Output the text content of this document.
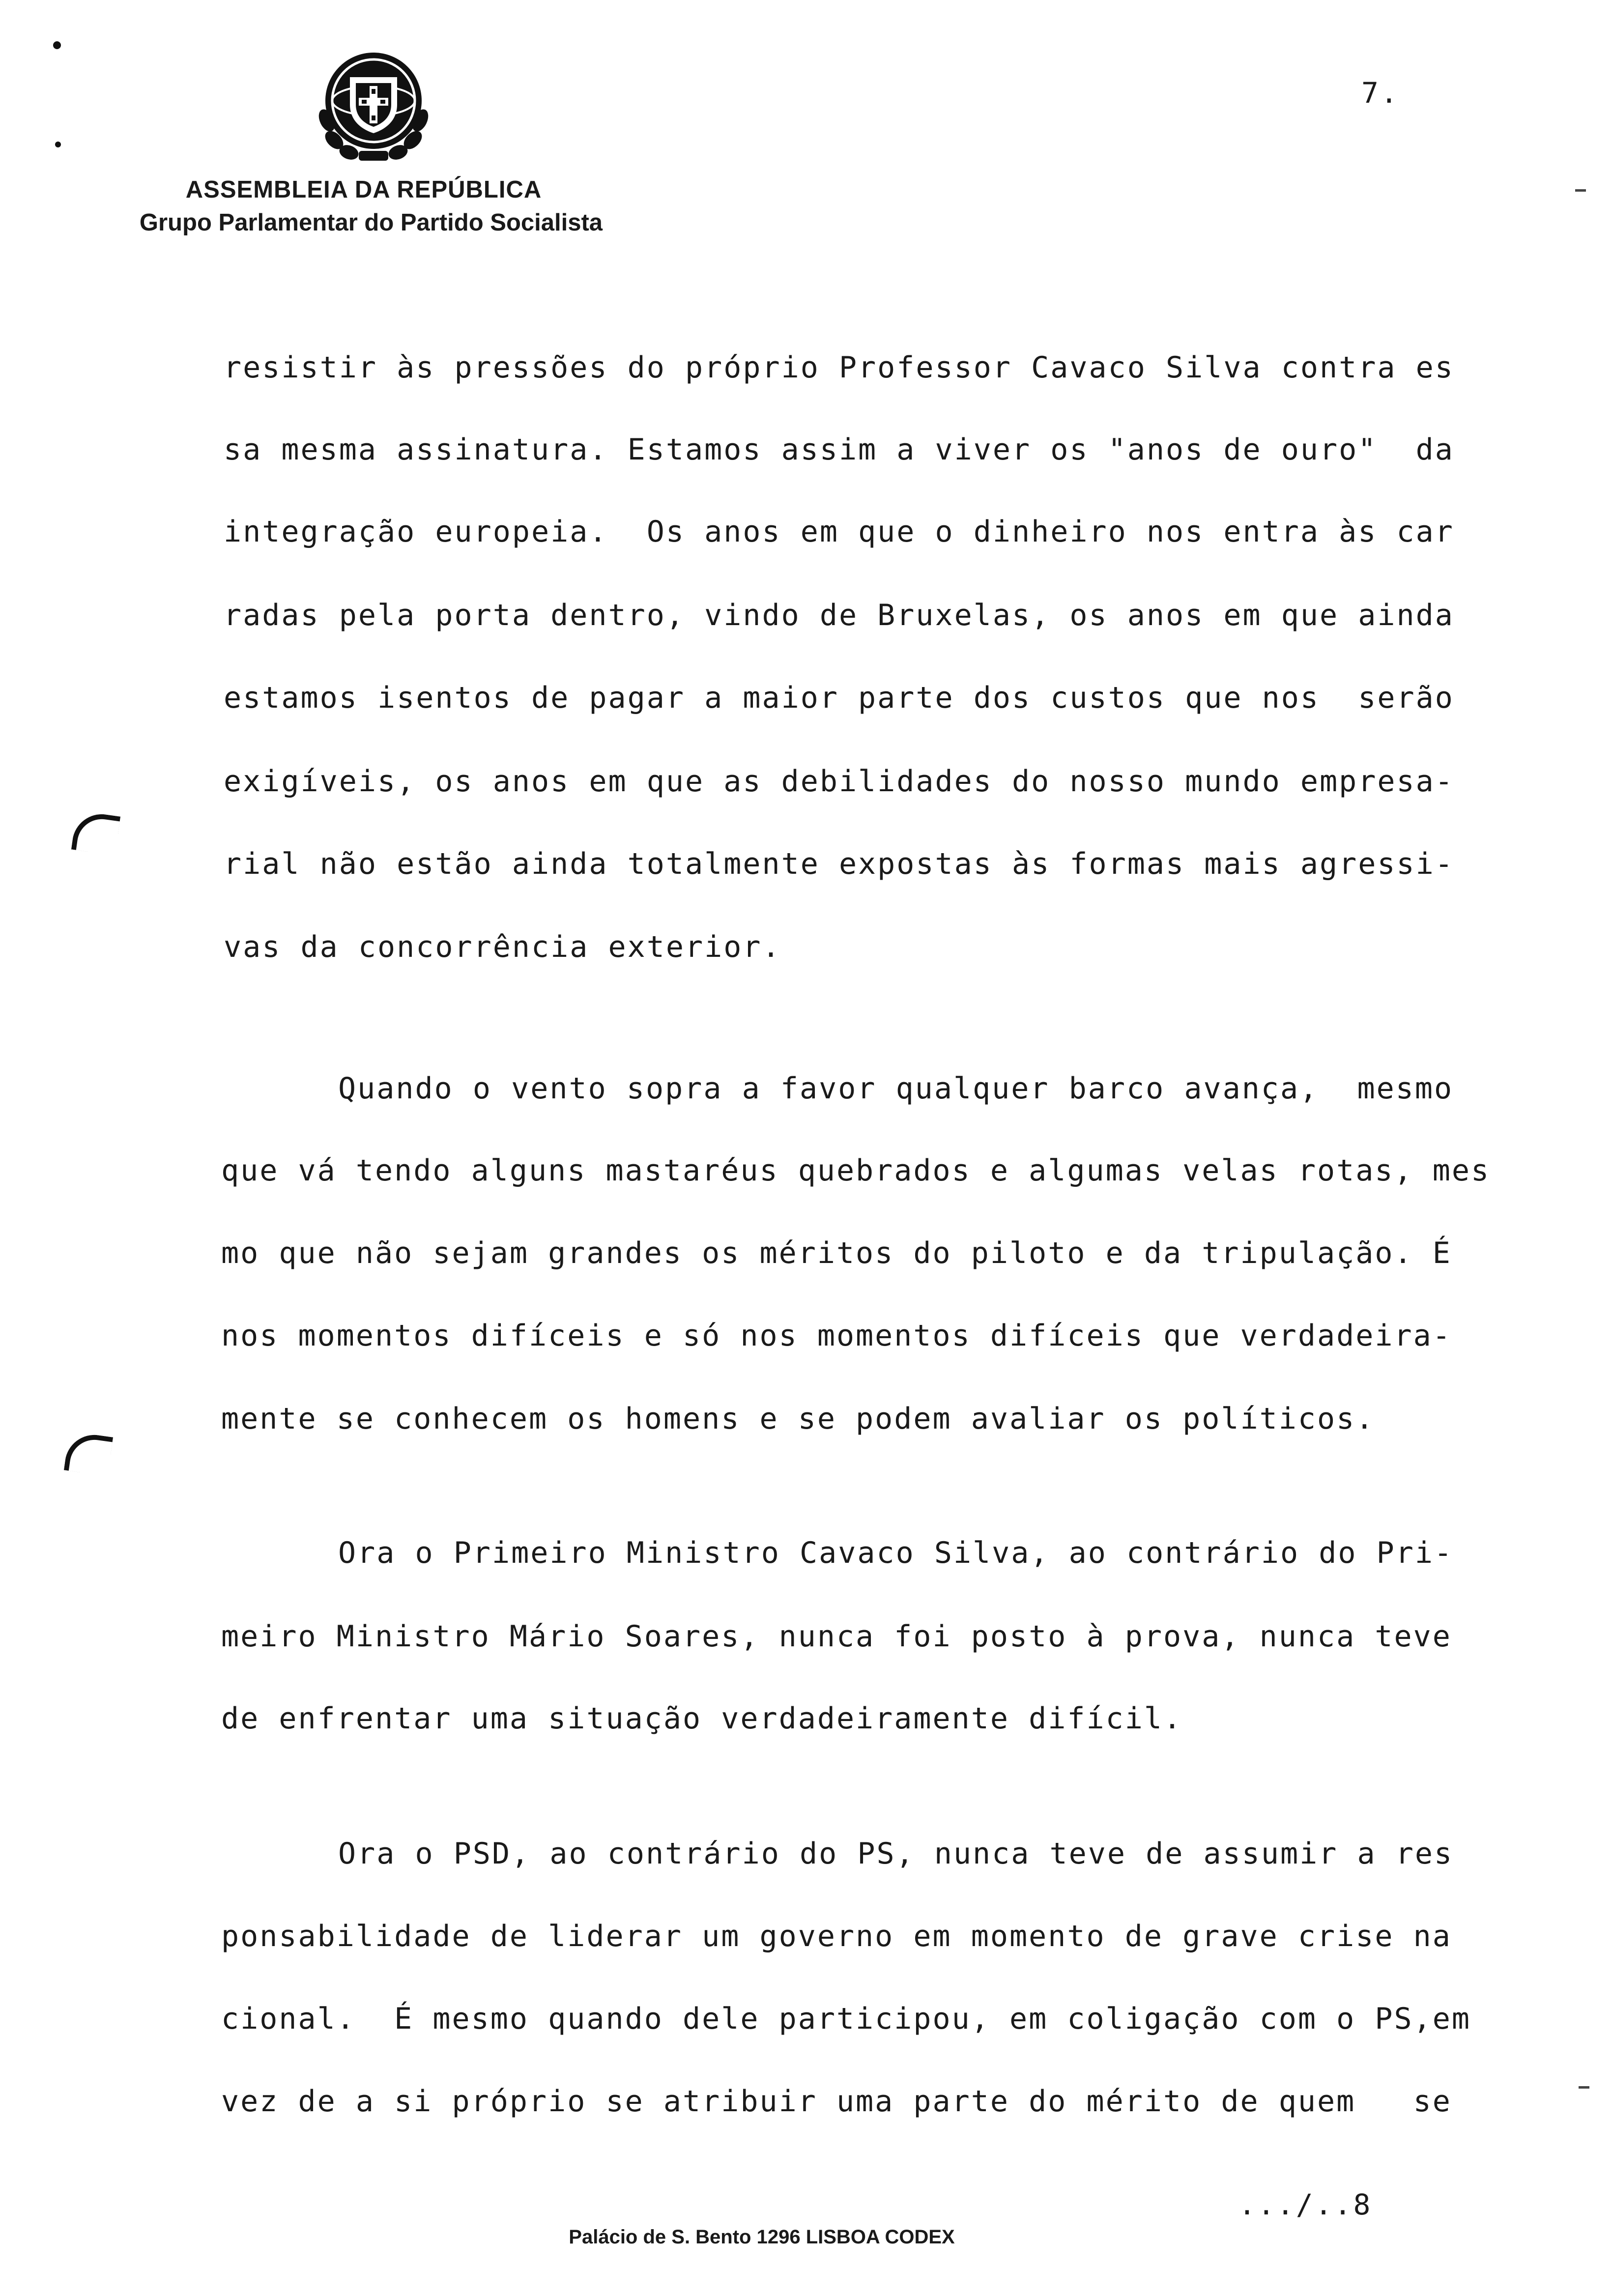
ASSEMBLEIA DA REPÚBLICA
Grupo Parlamentar do Partido Socialista
7.
resistir às pressões do próprio Professor Cavaco Silva contra es
sa mesma assinatura. Estamos assim a viver os "anos de ouro"  da
integração europeia.  Os anos em que o dinheiro nos entra às car
radas pela porta dentro, vindo de Bruxelas, os anos em que ainda
estamos isentos de pagar a maior parte dos custos que nos  serão
exigíveis, os anos em que as debilidades do nosso mundo empresa-
rial não estão ainda totalmente expostas às formas mais agressi-
vas da concorrência exterior.
Quando o vento sopra a favor qualquer barco avança,  mesmo
que vá tendo alguns mastaréus quebrados e algumas velas rotas, mes
mo que não sejam grandes os méritos do piloto e da tripulação. É
nos momentos difíceis e só nos momentos difíceis que verdadeira-
mente se conhecem os homens e se podem avaliar os políticos.
Ora o Primeiro Ministro Cavaco Silva, ao contrário do Pri-
meiro Ministro Mário Soares, nunca foi posto à prova, nunca teve
de enfrentar uma situação verdadeiramente difícil.
Ora o PSD, ao contrário do PS, nunca teve de assumir a res
ponsabilidade de liderar um governo em momento de grave crise na
cional.  É mesmo quando dele participou, em coligação com o PS,em
vez de a si próprio se atribuir uma parte do mérito de quem   se
.../..8
Palácio de S. Bento 1296 LISBOA CODEX
